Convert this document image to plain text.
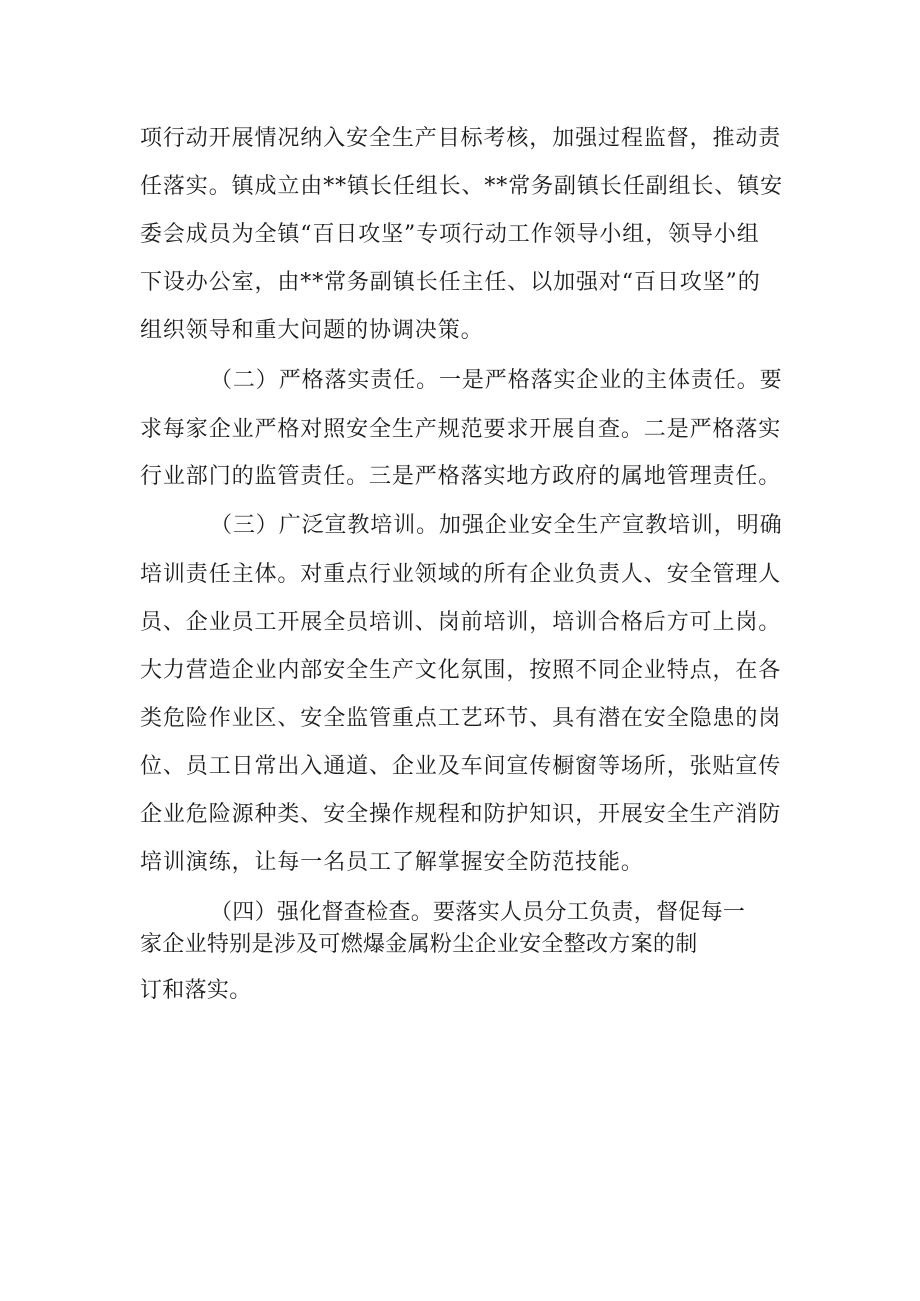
项行动开展情况纳入安全生产目标考核，加强过程监督，推动责
任落实。镇成立由**镇长任组长、**常务副镇长任副组长、镇安
委会成员为全镇“百日攻坚”专项行动工作领导小组，领导小组
下设办公室，由**常务副镇长任主任、以加强对“百日攻坚”的
组织领导和重大问题的协调决策。
（二）严格落实责任。一是严格落实企业的主体责任。要
求每家企业严格对照安全生产规范要求开展自查。二是严格落实
行业部门的监管责任。三是严格落实地方政府的属地管理责任。
（三）广泛宣教培训。加强企业安全生产宣教培训，明确
培训责任主体。对重点行业领域的所有企业负责人、安全管理人
员、企业员工开展全员培训、岗前培训，培训合格后方可上岗。
大力营造企业内部安全生产文化氛围，按照不同企业特点，在各
类危险作业区、安全监管重点工艺环节、具有潜在安全隐患的岗
位、员工日常出入通道、企业及车间宣传橱窗等场所，张贴宣传
企业危险源种类、安全操作规程和防护知识，开展安全生产消防
培训演练，让每一名员工了解掌握安全防范技能。
（四）强化督查检查。要落实人员分工负责，督促每一
家企业特别是涉及可燃爆金属粉尘企业安全整改方案的制
订和落实。
